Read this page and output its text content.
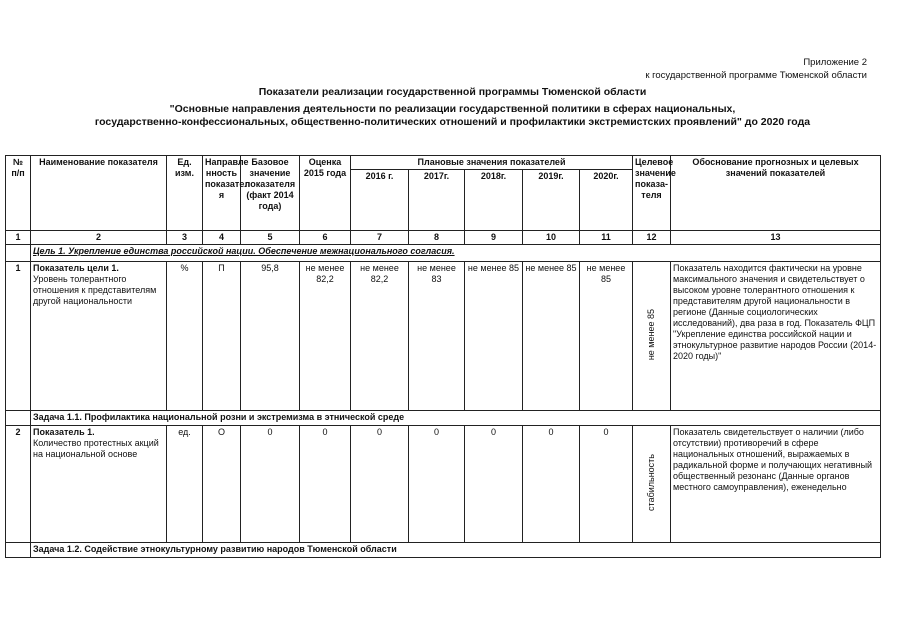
Приложение 2
к государственной программе Тюменской области
Показатели реализации государственной программы Тюменской области
"Основные направления деятельности по реализации государственной политики в сферах национальных,
государственно-конфессиональных, общественно-политических отношений и профилактики экстремистских проявлений" до 2020 года
№ п/п	Наименование показателя	Ед. изм.	Направле нность показател я	Базовое значение показателя (факт 2014 года)	Оценка 2015 года	Плановые значения показателей					Целевое значение показа-теля	Обоснование прогнозных и целевых значений показателей
						2016 г.	2017г.	2018г.	2019г.	2020г.		
1	2	3	4	5	6	7	8	9	10	11	12	13
	Цель 1. Укрепление единства российской нации. Обеспечение межнационального согласия.											
1	Показатель цели 1.
Уровень толерантного отношения к представителям другой национальности	%	П	95,8	не менее 82,2	не менее 82,2	не менее 83	не менее 85	не менее 85	не менее 85	не менее 85	Показатель находится фактически на уровне максимального значения и свидетельствует о высоком уровне толерантного отношения к представителям другой национальности в регионе (Данные социологических исследований), два раза в год. Показатель ФЦП "Укрепление единства российской нации и этнокультурное развитие народов России (2014-2020 годы)"
	Задача 1.1. Профилактика национальной розни и экстремизма в этнической среде											
2	Показатель 1.
Количество протестных акций на национальной основе	ед.	О	0	0	0	0	0	0	0	стабильность	Показатель свидетельствует о наличии (либо отсутствии) противоречий в сфере национальных отношений, выражаемых в радикальной форме и получающих негативный общественный резонанс (Данные органов местного самоуправления), еженедельно
	Задача 1.2. Содействие этнокультурному развитию народов Тюменской области											
